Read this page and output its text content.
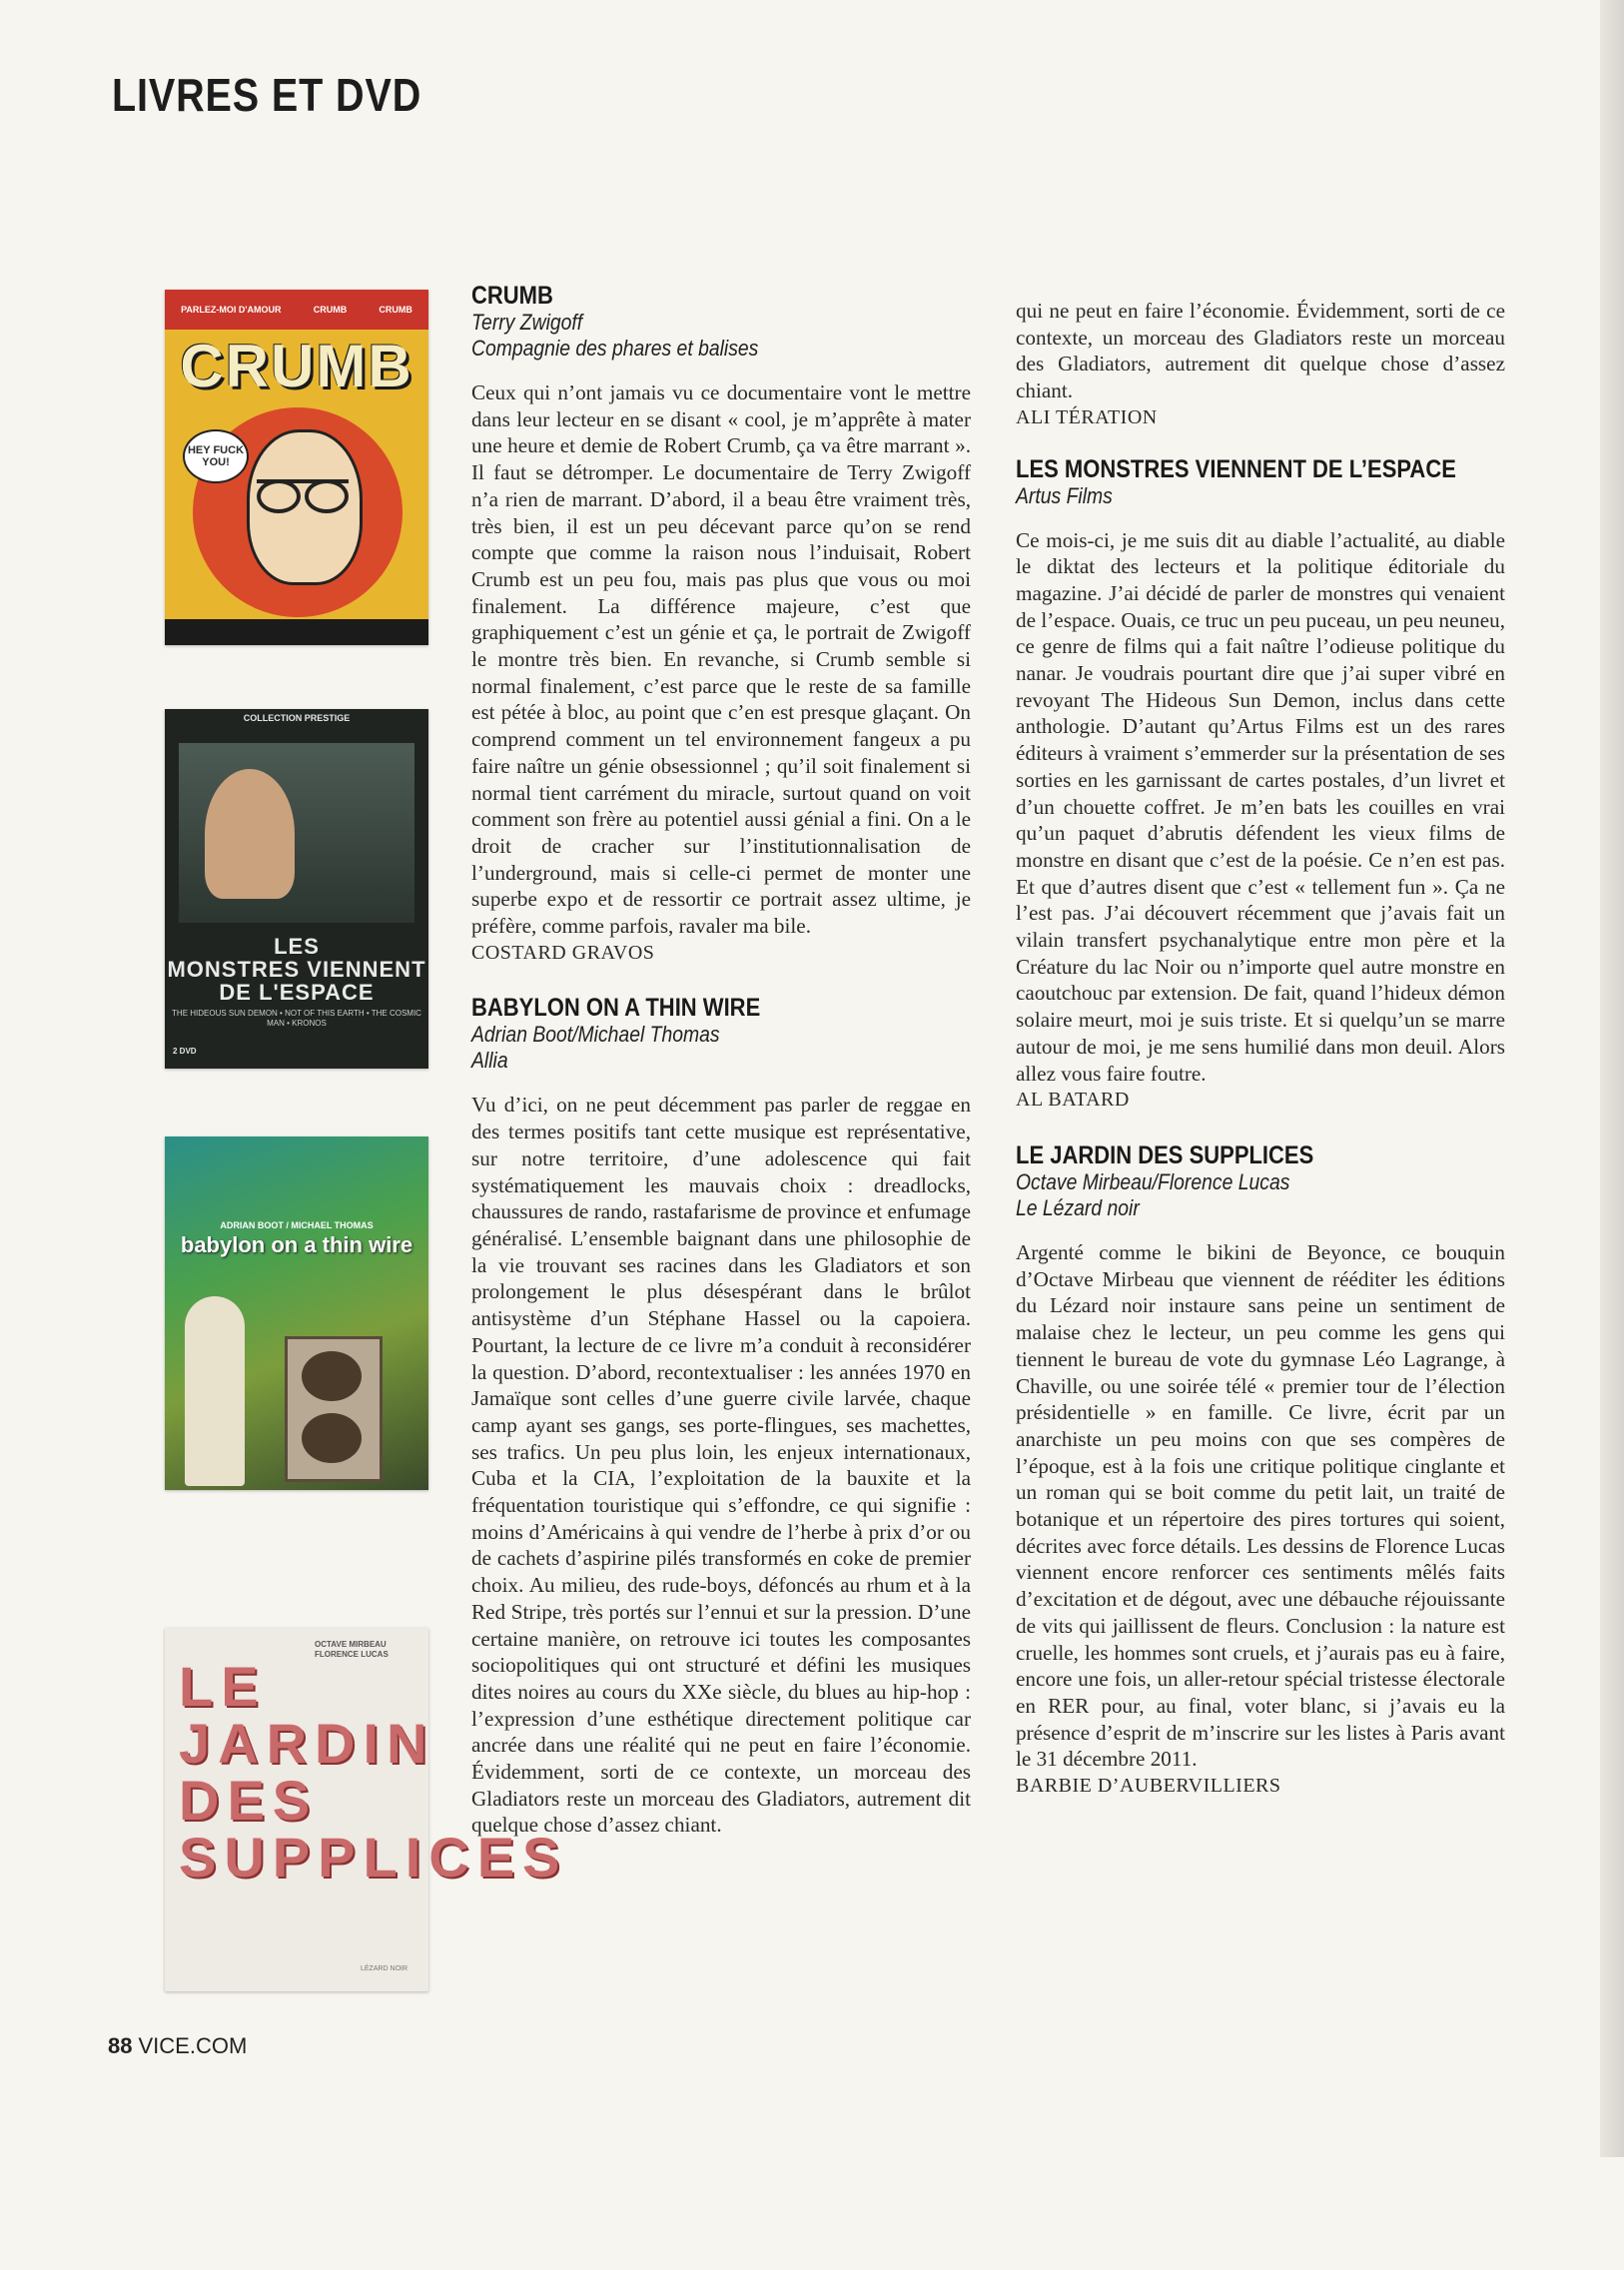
LIVRES ET DVD
PARLEZ-MOI D'AMOUR	CRUMB	CRUMB
CRUMB
HEY FUCK YOU!
COLLECTION PRESTIGE
LES
MONSTRES VIENNENT
DE L'ESPACE
THE HIDEOUS SUN DEMON • NOT OF THIS EARTH • THE COSMIC MAN • KRONOS
2 DVD
ADRIAN BOOT / MICHAEL THOMAS
babylon on a thin wire
OCTAVE MIRBEAU
FLORENCE LUCAS
LE JARDIN DES SUPPLICES
LÉZARD NOIR

CRUMB

Terry Zwigoff

Compagnie des phares et balises

Ceux qui n’ont jamais vu ce documentaire vont le mettre dans leur lecteur en se disant « cool, je m’apprête à mater une heure et demie de Robert Crumb, ça va être marrant ». Il faut se détromper. Le documentaire de Terry Zwigoff n’a rien de marrant. D’abord, il a beau être vraiment très, très bien, il est un peu décevant parce qu’on se rend compte que comme la raison nous l’induisait, Robert Crumb est un peu fou, mais pas plus que vous ou moi finalement. La différence majeure, c’est que graphiquement c’est un génie et ça, le portrait de Zwigoff le montre très bien. En revanche, si Crumb semble si normal finalement, c’est parce que le reste de sa famille est pétée à bloc, au point que c’en est presque glaçant. On comprend comment un tel environnement fangeux a pu faire naître un génie obsessionnel ; qu’il soit finalement si normal tient carrément du miracle, surtout quand on voit comment son frère au potentiel aussi génial a fini. On a le droit de cracher sur l’institutionnalisation de l’underground, mais si celle-ci permet de monter une superbe expo et de ressortir ce portrait assez ultime, je préfère, comme parfois, ravaler ma bile.

COSTARD GRAVOS

BABYLON ON A THIN WIRE

Adrian Boot/Michael Thomas

Allia

Vu d’ici, on ne peut décemment pas parler de reggae en des termes positifs tant cette musique est représentative, sur notre territoire, d’une adolescence qui fait systématiquement les mauvais choix : dreadlocks, chaussures de rando, rastafarisme de province et enfumage généralisé. L’ensemble baignant dans une philosophie de la vie trouvant ses racines dans les Gladiators et son prolongement le plus désespérant dans le brûlot antisystème d’un Stéphane Hassel ou la capoiera. Pourtant, la lecture de ce livre m’a conduit à reconsidérer la question. D’abord, recontextualiser : les années 1970 en Jamaïque sont celles d’une guerre civile larvée, chaque camp ayant ses gangs, ses porte-flingues, ses machettes, ses trafics. Un peu plus loin, les enjeux internationaux, Cuba et la CIA, l’exploitation de la bauxite et la fréquentation touristique qui s’effondre, ce qui signifie : moins d’Américains à qui vendre de l’herbe à prix d’or ou de cachets d’aspirine pilés transformés en coke de premier choix. Au milieu, des rude-boys, défoncés au rhum et à la Red Stripe, très portés sur l’ennui et sur la pression. D’une certaine manière, on retrouve ici toutes les composantes sociopolitiques qui ont structuré et défini les musiques dites noires au cours du XXe siècle, du blues au hip-hop : l’expression d’une esthétique directement politique car ancrée dans une réalité qui ne peut en faire l’économie. Évidemment, sorti de ce contexte, un morceau des Gladiators reste un morceau des Gladiators, autrement dit quelque chose d’assez chiant.

qui ne peut en faire l’économie. Évidemment, sorti de ce contexte, un morceau des Gladiators reste un morceau des Gladiators, autrement dit quelque chose d’assez chiant.

ALI TÉRATION

LES MONSTRES VIENNENT DE L’ESPACE

Artus Films

Ce mois-ci, je me suis dit au diable l’actualité, au diable le diktat des lecteurs et la politique éditoriale du magazine. J’ai décidé de parler de monstres qui venaient de l’espace. Ouais, ce truc un peu puceau, un peu neuneu, ce genre de films qui a fait naître l’odieuse politique du nanar. Je voudrais pourtant dire que j’ai super vibré en revoyant The Hideous Sun Demon, inclus dans cette anthologie. D’autant qu’Artus Films est un des rares éditeurs à vraiment s’emmerder sur la présentation de ses sorties en les garnissant de cartes postales, d’un livret et d’un chouette coffret. Je m’en bats les couilles en vrai qu’un paquet d’abrutis défendent les vieux films de monstre en disant que c’est de la poésie. Ce n’en est pas. Et que d’autres disent que c’est « tellement fun ». Ça ne l’est pas. J’ai découvert récemment que j’avais fait un vilain transfert psychanalytique entre mon père et la Créature du lac Noir ou n’importe quel autre monstre en caoutchouc par extension. De fait, quand l’hideux démon solaire meurt, moi je suis triste. Et si quelqu’un se marre autour de moi, je me sens humilié dans mon deuil. Alors allez vous faire foutre.

AL BATARD

LE JARDIN DES SUPPLICES

Octave Mirbeau/Florence Lucas

Le Lézard noir

Argenté comme le bikini de Beyonce, ce bouquin d’Octave Mirbeau que viennent de rééditer les éditions du Lézard noir instaure sans peine un sentiment de malaise chez le lecteur, un peu comme les gens qui tiennent le bureau de vote du gymnase Léo Lagrange, à Chaville, ou une soirée télé « premier tour de l’élection présidentielle » en famille. Ce livre, écrit par un anarchiste un peu moins con que ses compères de l’époque, est à la fois une critique politique cinglante et un roman qui se boit comme du petit lait, un traité de botanique et un répertoire des pires tortures qui soient, décrites avec force détails. Les dessins de Florence Lucas viennent encore renforcer ces sentiments mêlés faits d’excitation et de dégout, avec une débauche réjouissante de vits qui jaillissent de fleurs. Conclusion : la nature est cruelle, les hommes sont cruels, et j’aurais pas eu à faire, encore une fois, un aller-retour spécial tristesse électorale en RER pour, au final, voter blanc, si j’avais eu la présence d’esprit de m’inscrire sur les listes à Paris avant le 31 décembre 2011.

BARBIE D’AUBERVILLIERS

88 VICE.COM
